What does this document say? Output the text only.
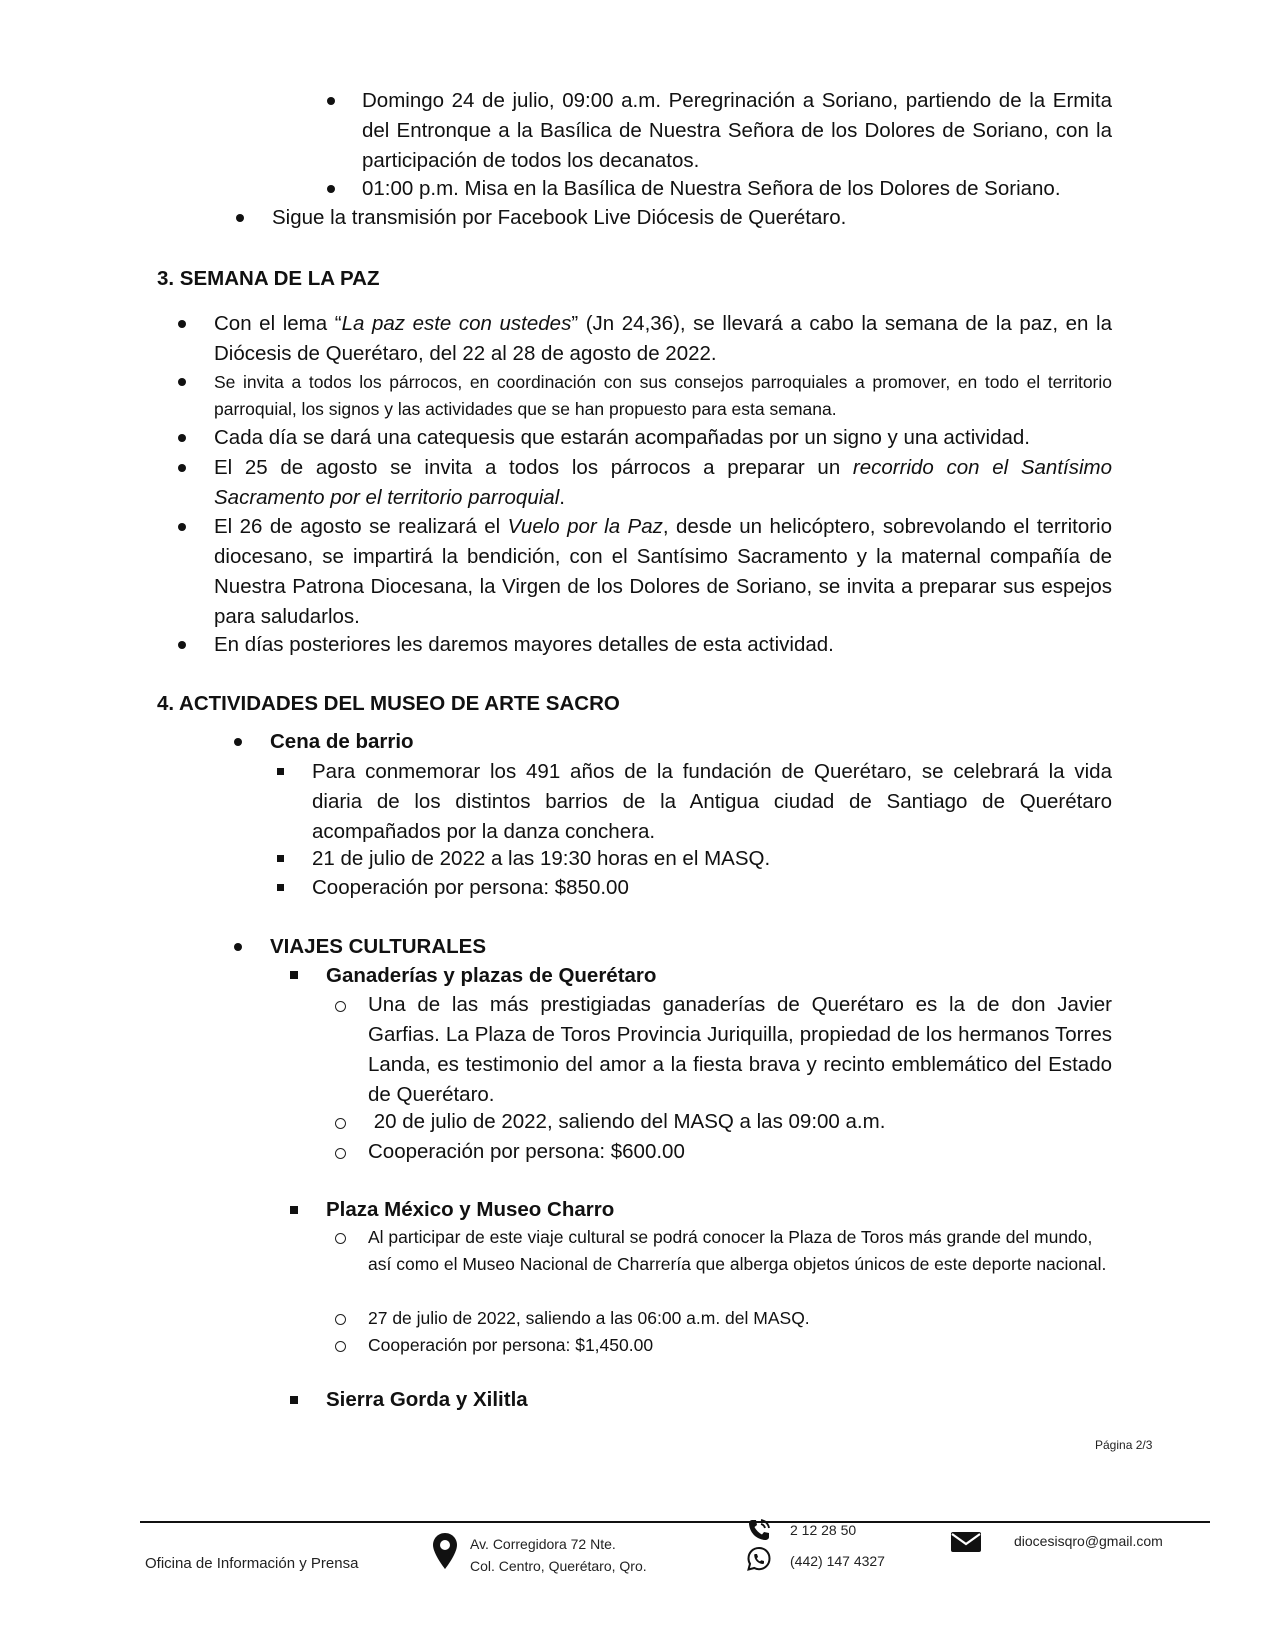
Domingo 24 de julio, 09:00 a.m. Peregrinación a Soriano, partiendo de la Ermita del Entronque a la Basílica de Nuestra Señora de los Dolores de Soriano, con la participación de todos los decanatos.
01:00 p.m. Misa en la Basílica de Nuestra Señora de los Dolores de Soriano.
Sigue la transmisión por Facebook Live Diócesis de Querétaro.
3. SEMANA DE LA PAZ
Con el lema “La paz este con ustedes” (Jn 24,36), se llevará a cabo la semana de la paz, en la Diócesis de Querétaro, del 22 al 28 de agosto de 2022.
Se invita a todos los párrocos, en coordinación con sus consejos parroquiales a promover, en todo el territorio parroquial, los signos y las actividades que se han propuesto para esta semana.
Cada día se dará una catequesis que estarán acompañadas por un signo y una actividad.
El 25 de agosto se invita a todos los párrocos a preparar un recorrido con el Santísimo Sacramento por el territorio parroquial.
El 26 de agosto se realizará el Vuelo por la Paz, desde un helicóptero, sobrevolando el territorio diocesano, se impartirá la bendición, con el Santísimo Sacramento y la maternal compañía de Nuestra Patrona Diocesana, la Virgen de los Dolores de Soriano, se invita a preparar sus espejos para saludarlos.
En días posteriores les daremos mayores detalles de esta actividad.
4. ACTIVIDADES DEL MUSEO DE ARTE SACRO
Cena de barrio
Para conmemorar los 491 años de la fundación de Querétaro, se celebrará la vida diaria de los distintos barrios de la Antigua ciudad de Santiago de Querétaro acompañados por la danza conchera.
21 de julio de 2022 a las 19:30 horas en el MASQ.
Cooperación por persona: $850.00
VIAJES CULTURALES
Ganaderías y plazas de Querétaro
Una de las más prestigiadas ganaderías de Querétaro es la de don Javier Garfias. La Plaza de Toros Provincia Juriquilla, propiedad de los hermanos Torres Landa, es testimonio del amor a la fiesta brava y recinto emblemático del Estado de Querétaro.
20 de julio de 2022, saliendo del MASQ a las 09:00 a.m.
Cooperación por persona: $600.00
Plaza México y Museo Charro
Al participar de este viaje cultural se podrá conocer la Plaza de Toros más grande del mundo, así como el Museo Nacional de Charrería que alberga objetos únicos de este deporte nacional.
27 de julio de 2022, saliendo a las 06:00 a.m. del MASQ.
Cooperación por persona: $1,450.00
Sierra Gorda y Xilitla
Página 2/3
Oficina de Información y Prensa
Av. Corregidora 72 Nte.
Col. Centro, Querétaro, Qro.
2 12 28 50
(442) 147 4327
diocesisqro@gmail.com
